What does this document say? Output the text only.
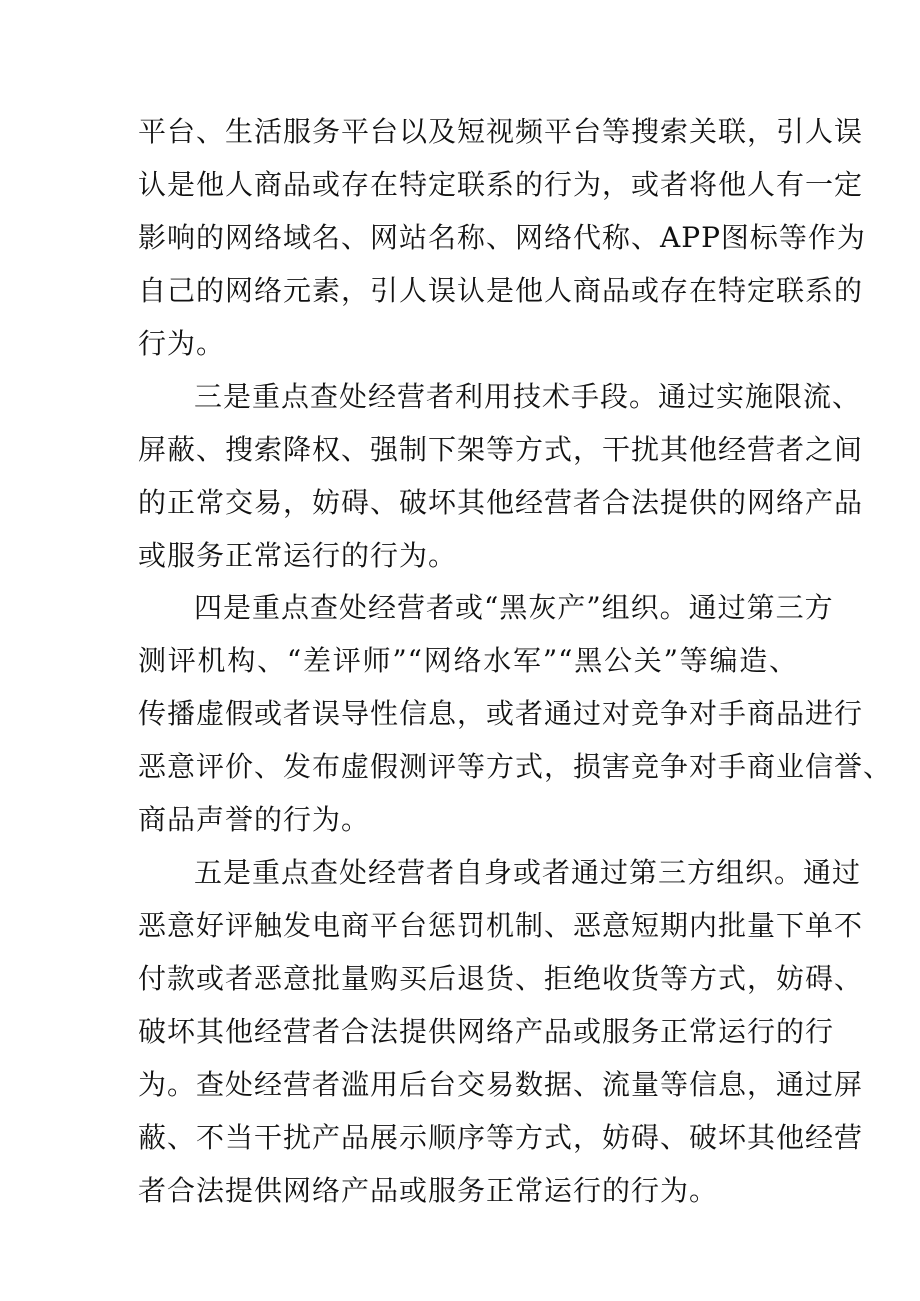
平台、生活服务平台以及短视频平台等搜索关联，引人误
认是他人商品或存在特定联系的行为，或者将他人有一定
影响的网络域名、网站名称、网络代称、APP图标等作为
自己的网络元素，引人误认是他人商品或存在特定联系的
行为。
三是重点查处经营者利用技术手段。通过实施限流、
屏蔽、搜索降权、强制下架等方式，干扰其他经营者之间
的正常交易，妨碍、破坏其他经营者合法提供的网络产品
或服务正常运行的行为。
四是重点查处经营者或“黑灰产”组织。通过第三方
测评机构、“差评师”“网络水军”“黑公关”等编造、
传播虚假或者误导性信息，或者通过对竞争对手商品进行
恶意评价、发布虚假测评等方式，损害竞争对手商业信誉、
商品声誉的行为。
五是重点查处经营者自身或者通过第三方组织。通过
恶意好评触发电商平台惩罚机制、恶意短期内批量下单不
付款或者恶意批量购买后退货、拒绝收货等方式，妨碍、
破坏其他经营者合法提供网络产品或服务正常运行的行
为。查处经营者滥用后台交易数据、流量等信息，通过屏
蔽、不当干扰产品展示顺序等方式，妨碍、破坏其他经营
者合法提供网络产品或服务正常运行的行为。
